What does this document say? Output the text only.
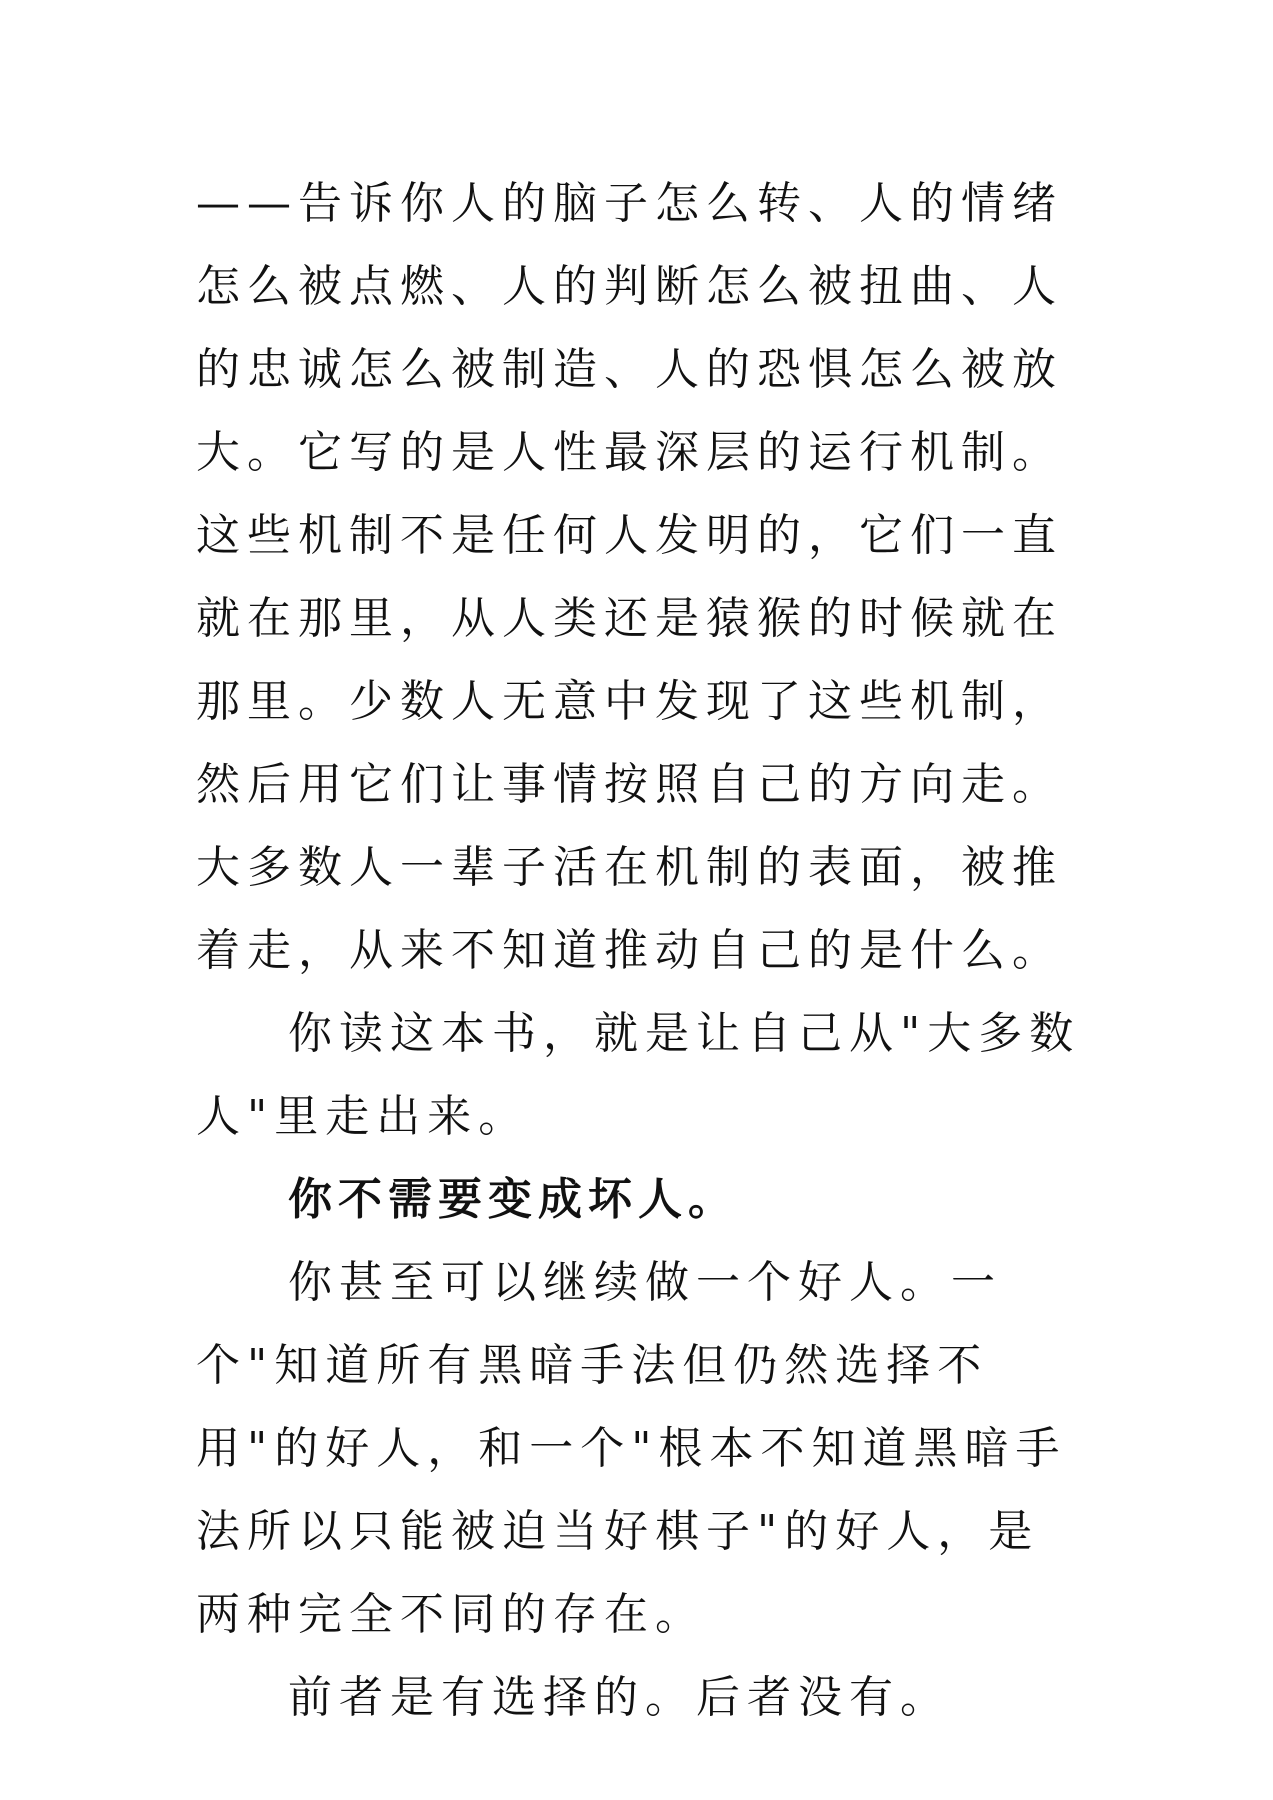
——告诉你人的脑子怎么转、人的情绪怎么被点燃、人的判断怎么被扭曲、人的忠诚怎么被制造、人的恐惧怎么被放大。它写的是人性最深层的运行机制。这些机制不是任何人发明的，它们一直就在那里，从人类还是猿猴的时候就在那里。少数人无意中发现了这些机制，然后用它们让事情按照自己的方向走。大多数人一辈子活在机制的表面，被推着走，从来不知道推动自己的是什么。

你读这本书，就是让自己从"大多数人"里走出来。

你不需要变成坏人。

你甚至可以继续做一个好人。一个"知道所有黑暗手法但仍然选择不用"的好人，和一个"根本不知道黑暗手法所以只能被迫当好棋子"的好人，是两种完全不同的存在。

前者是有选择的。后者没有。
